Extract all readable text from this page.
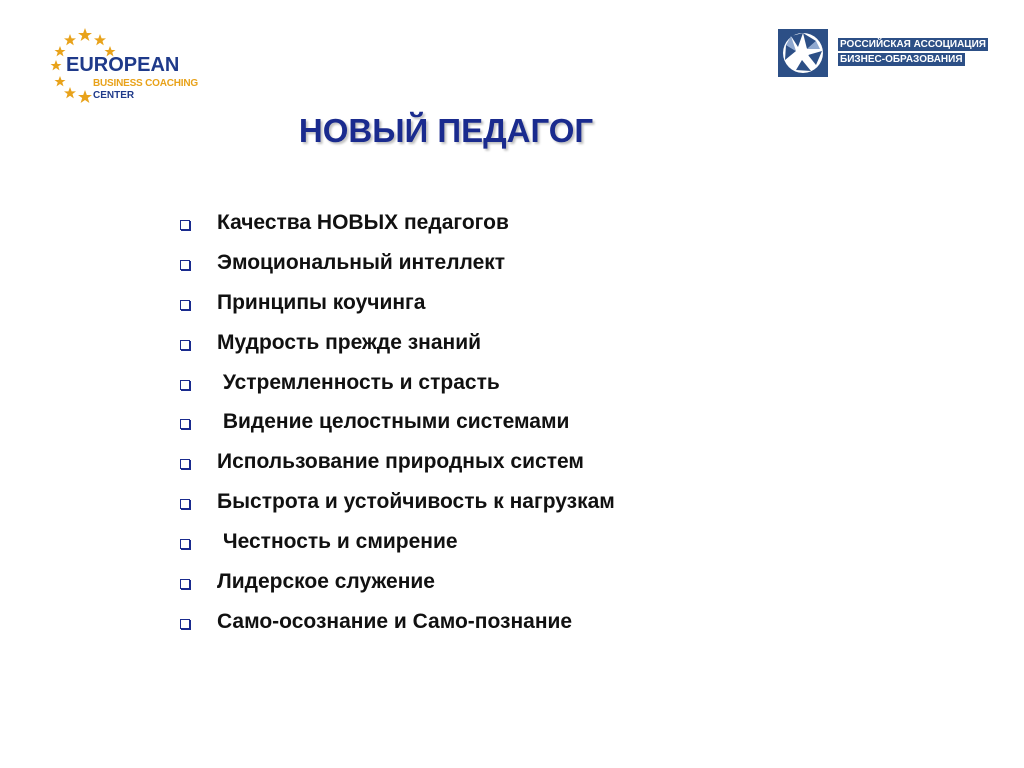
EUROPEAN
BUSINESS COACHING
CENTER
РОССИЙСКАЯ АССОЦИАЦИЯ
БИЗНЕС-ОБРАЗОВАНИЯ
НОВЫЙ ПЕДАГОГ
Качества НОВЫХ педагогов
Эмоциональный интеллект
Принципы коучинга
Мудрость прежде знаний
Устремленность и страсть
Видение целостными системами
Использование природных систем
Быстрота и устойчивость к нагрузкам
Честность и смирение
Лидерское служение
Само-осознание и Само-познание
